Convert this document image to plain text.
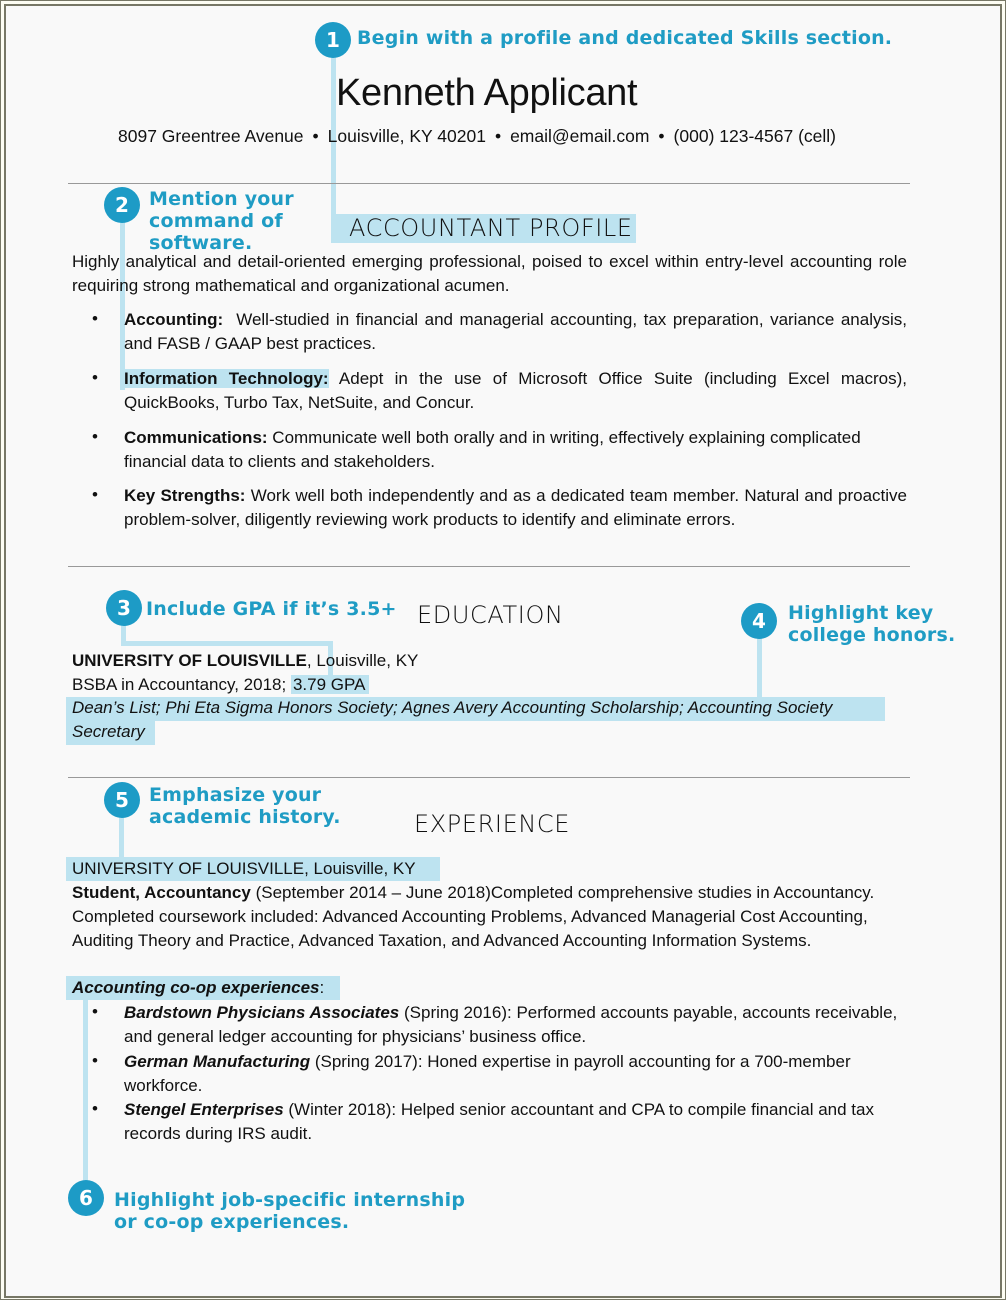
1 Begin with a profile and dedicated Skills section.
Kenneth Applicant
8097 Greentree Avenue • Louisville, KY 40201 • email@email.com • (000) 123-4567 (cell)
2	Mention your
command of
software.
ACCOUNTANT PROFILE
Highly analytical and detail-oriented emerging professional, poised to excel within entry-level accounting role requiring strong mathematical and organizational acumen.
• Accounting:  Well-studied in financial and managerial accounting, tax preparation, variance analysis, and FASB / GAAP best practices.
• Information Technology: Adept in the use of Microsoft Office Suite (including Excel macros), QuickBooks, Turbo Tax, NetSuite, and Concur.
• Communications: Communicate well both orally and in writing, effectively explaining complicated financial data to clients and stakeholders.
• Key Strengths: Work well both independently and as a dedicated team member. Natural and proactive problem-solver, diligently reviewing work products to identify and eliminate errors.
3 Include GPA if it’s 3.5+ EDUCATION	4	Highlight key
college honors.
UNIVERSITY OF LOUISVILLE, Louisville, KY
BSBA in Accountancy, 2018; 3.79 GPA
Dean’s List; Phi Eta Sigma Honors Society; Agnes Avery Accounting Scholarship; Accounting Society
Secretary
5	Emphasize your
academic history.	EXPERIENCE
UNIVERSITY OF LOUISVILLE, Louisville, KY
Student, Accountancy (September 2014 – June 2018)Completed comprehensive studies in Accountancy. Completed coursework included: Advanced Accounting Problems, Advanced Managerial Cost Accounting, Auditing Theory and Practice, Advanced Taxation, and Advanced Accounting Information Systems.
Accounting co-op experiences:
• Bardstown Physicians Associates (Spring 2016): Performed accounts payable, accounts receivable, and general ledger accounting for physicians’ business office.
• German Manufacturing (Spring 2017): Honed expertise in payroll accounting for a 700-member workforce.
• Stengel Enterprises (Winter 2018): Helped senior accountant and CPA to compile financial and tax records during IRS audit.
6	Highlight job-specific internship
or co-op experiences.
